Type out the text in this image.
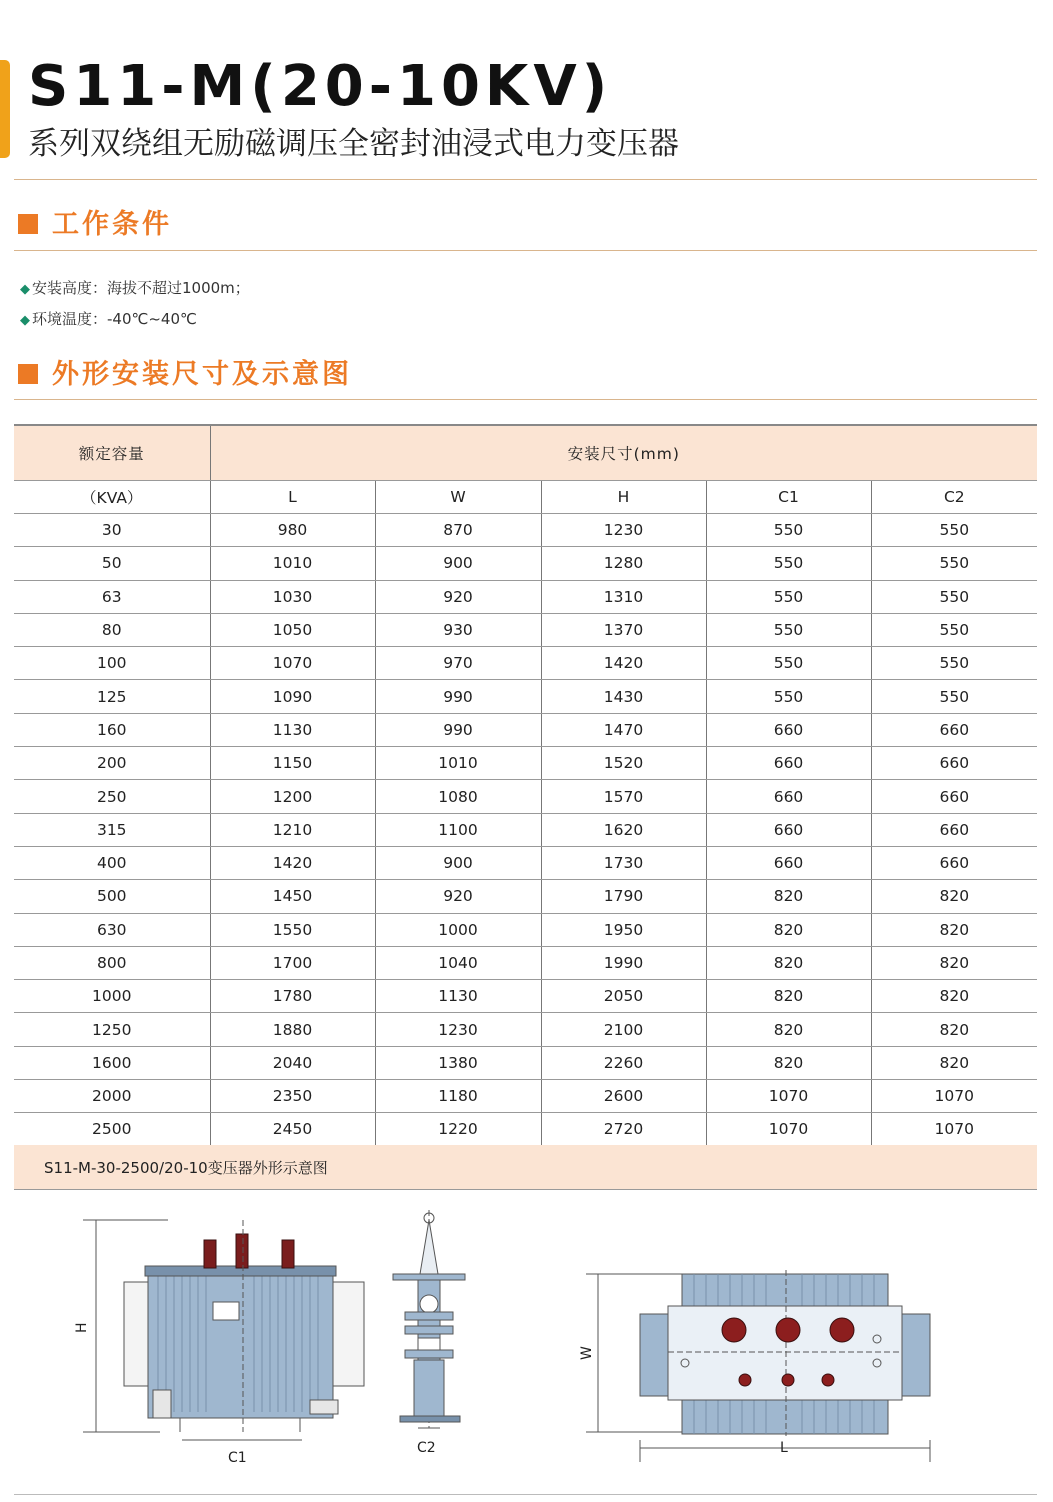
S11-M(20-10KV)
系列双绕组无励磁调压全密封油浸式电力变压器
工作条件
◆ 安装高度：海拔不超过1000m；
◆ 环境温度：-40℃~40℃
外形安装尺寸及示意图
额定容量	安装尺寸(mm)				
（KVA）	L	W	H	C1	C2
30	980	870	1230	550	550
50	1010	900	1280	550	550
63	1030	920	1310	550	550
80	1050	930	1370	550	550
100	1070	970	1420	550	550
125	1090	990	1430	550	550
160	1130	990	1470	660	660
200	1150	1010	1520	660	660
250	1200	1080	1570	660	660
315	1210	1100	1620	660	660
400	1420	900	1730	660	660
500	1450	920	1790	820	820
630	1550	1000	1950	820	820
800	1700	1040	1990	820	820
1000	1780	1130	2050	820	820
1250	1880	1230	2100	820	820
1600	2040	1380	2260	820	820
2000	2350	1180	2600	1070	1070
2500	2450	1220	2720	1070	1070
S11-M-30-2500/20-10变压器外形示意图
H
C1
C2
W
L
